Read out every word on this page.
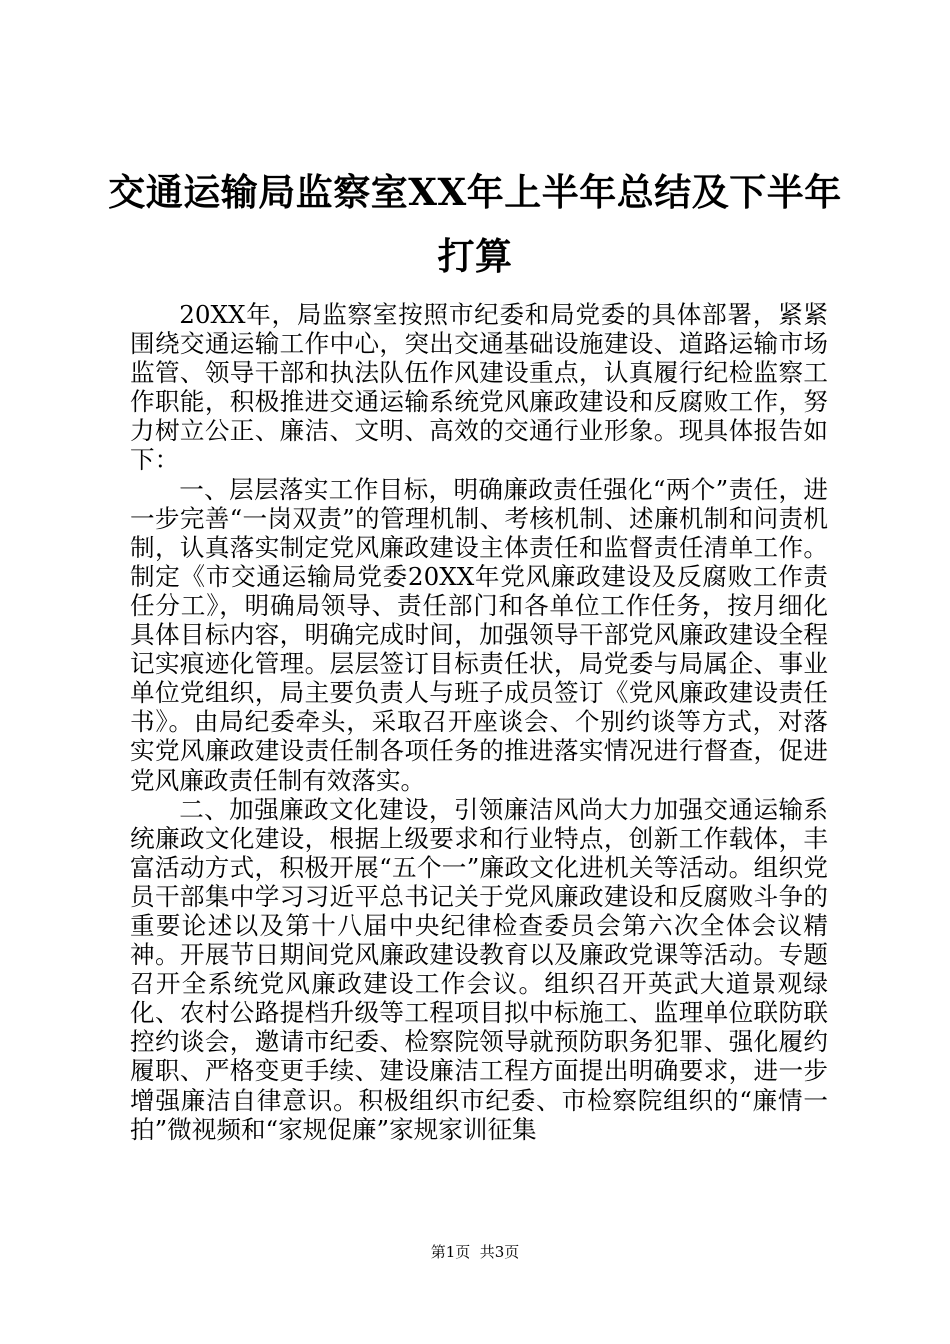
交通运输局监察室XX年上半年总结及下半年打算

20XX年，局监察室按照市纪委和局党委的具体部署，紧紧围绕交通运输工作中心，突出交通基础设施建设、道路运输市场监管、领导干部和执法队伍作风建设重点，认真履行纪检监察工作职能，积极推进交通运输系统党风廉政建设和反腐败工作，努力树立公正、廉洁、文明、高效的交通行业形象。现具体报告如下：

一、层层落实工作目标，明确廉政责任强化“两个”责任，进一步完善“一岗双责”的管理机制、考核机制、述廉机制和问责机制，认真落实制定党风廉政建设主体责任和监督责任清单工作。制定《市交通运输局党委20XX年党风廉政建设及反腐败工作责任分工》，明确局领导、责任部门和各单位工作任务，按月细化具体目标内容，明确完成时间，加强领导干部党风廉政建设全程记实痕迹化管理。层层签订目标责任状，局党委与局属企、事业单位党组织，局主要负责人与班子成员签订《党风廉政建设责任书》。由局纪委牵头，采取召开座谈会、个别约谈等方式，对落实党风廉政建设责任制各项任务的推进落实情况进行督查，促进党风廉政责任制有效落实。

二、加强廉政文化建设，引领廉洁风尚大力加强交通运输系统廉政文化建设，根据上级要求和行业特点，创新工作载体，丰富活动方式，积极开展“五个一”廉政文化进机关等活动。组织党员干部集中学习习近平总书记关于党风廉政建设和反腐败斗争的重要论述以及第十八届中央纪律检查委员会第六次全体会议精神。开展节日期间党风廉政建设教育以及廉政党课等活动。专题召开全系统党风廉政建设工作会议。组织召开英武大道景观绿化、农村公路提档升级等工程项目拟中标施工、监理单位联防联控约谈会，邀请市纪委、检察院领导就预防职务犯罪、强化履约履职、严格变更手续、建设廉洁工程方面提出明确要求，进一步增强廉洁自律意识。积极组织市纪委、市检察院组织的“廉情一拍”微视频和“家规促廉”家规家训征集

第1页  共3页
